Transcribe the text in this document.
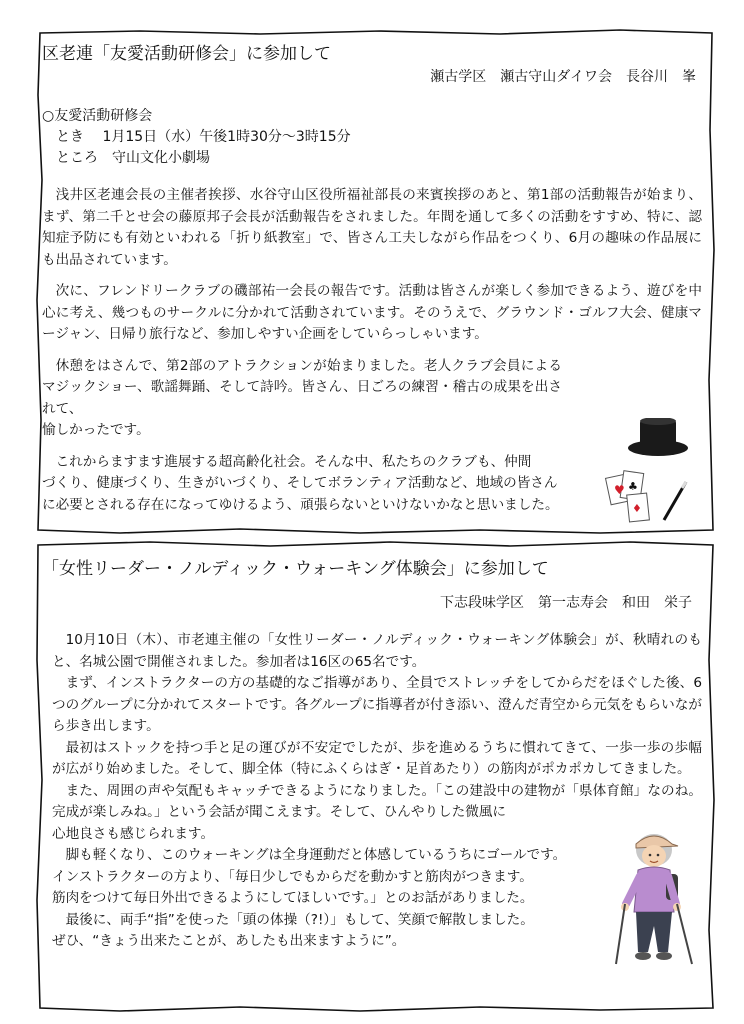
区老連「友愛活動研修会」に参加して
瀬古学区　瀬古守山ダイワ会　長谷川　峯
○友愛活動研修会
　とき　 1月15日（水）午後1時30分～3時15分
　ところ　守山文化小劇場

浅井区老連会長の主催者挨拶、水谷守山区役所福祉部長の来賓挨拶のあと、第1部の活動報告が始まり、まず、第二千とせ会の藤原邦子会長が活動報告をされました。年間を通して多くの活動をすすめ、特に、認知症予防にも有効といわれる「折り紙教室」で、皆さん工夫しながら作品をつくり、6月の趣味の作品展にも出品されています。

次に、フレンドリークラブの磯部祐一会長の報告です。活動は皆さんが楽しく参加できるよう、遊びを中心に考え、幾つものサークルに分かれて活動されています。そのうえで、グラウンド・ゴルフ大会、健康マージャン、日帰り旅行など、参加しやすい企画をしていらっしゃいます。

休憩をはさんで、第2部のアトラクションが始まりました。老人クラブ会員によるマジックショー、歌謡舞踊、そして詩吟。皆さん、日ごろの練習・稽古の成果を出されて、

愉しかったです。

これからますます進展する超高齢化社会。そんな中、私たちのクラブも、仲間

づくり、健康づくり、生きがいづくり、そしてボランティア活動など、地域の皆さん

に必要とされる存在になってゆけるよう、頑張らないといけないかなと思いました。

♥ ♣
♦
「女性リーダー・ノルディック・ウォーキング体験会」に参加して
下志段味学区　第一志寿会　和田　栄子

10月10日（木）、市老連主催の「女性リーダー・ノルディック・ウォーキング体験会」が、秋晴れのもと、名城公園で開催されました。参加者は16区の65名です。

まず、インストラクターの方の基礎的なご指導があり、全員でストレッチをしてからだをほぐした後、6つのグループに分かれてスタートです。各グループに指導者が付き添い、澄んだ青空から元気をもらいながら歩き出します。

最初はストックを持つ手と足の運びが不安定でしたが、歩を進めるうちに慣れてきて、一歩一歩の歩幅が広がり始めました。そして、脚全体（特にふくらはぎ・足首あたり）の筋肉がポカポカしてきました。

また、周囲の声や気配もキャッチできるようになりました。「この建設中の建物が「県体育館」なのね。完成が楽しみね。」という会話が聞こえます。そして、ひんやりした微風に

心地良さも感じられます。

脚も軽くなり、このウォーキングは全身運動だと体感しているうちにゴールです。

インストラクターの方より、「毎日少しでもからだを動かすと筋肉がつきます。

筋肉をつけて毎日外出できるようにしてほしいです。」とのお話がありました。

最後に、両手“指”を使った「頭の体操（?!）」もして、笑顔で解散しました。

ぜひ、“きょう出来たことが、あしたも出来ますように”。
